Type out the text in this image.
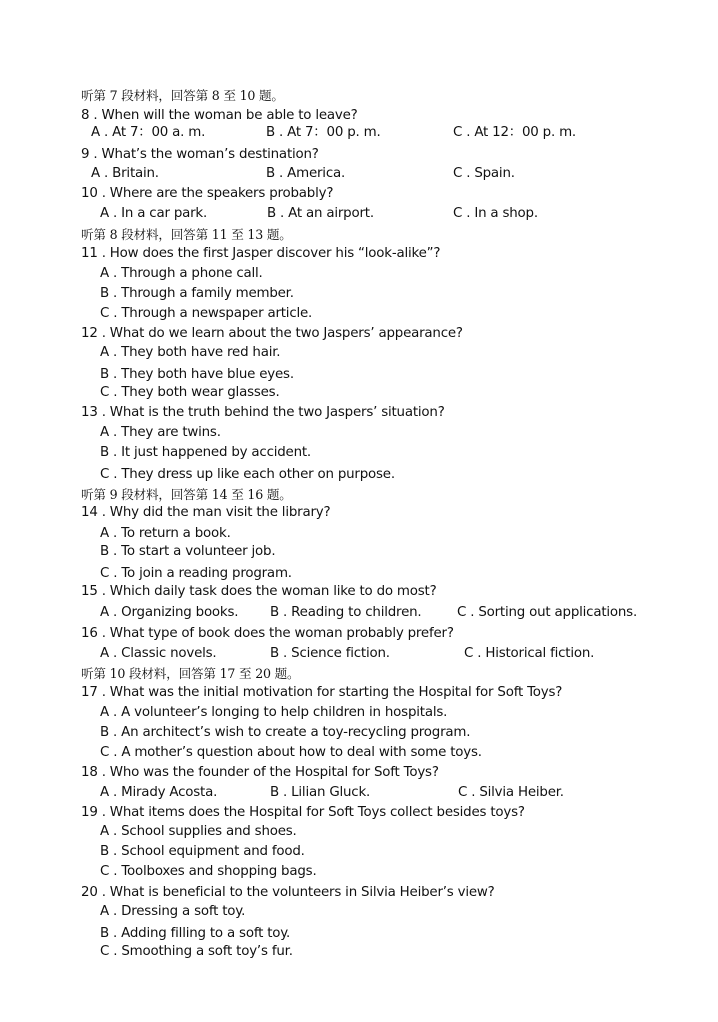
听第 7 段材料，回答第 8 至 10 题。
8 . When will the woman be able to leave?
A . At 7：00 a. m.	B . At 7：00 p. m.	C . At 12：00 p. m.
9 . What’s the woman’s destination?
A . Britain.	B . America.	C . Spain.
10 . Where are the speakers probably?
A . In a car park.	B . At an airport.	C . In a shop.
听第 8 段材料，回答第 11 至 13 题。
11 . How does the first Jasper discover his “look-alike”?
A . Through a phone call.
B . Through a family member.
C . Through a newspaper article.
12 . What do we learn about the two Jaspers’ appearance?
A . They both have red hair.
B . They both have blue eyes.
C . They both wear glasses.
13 . What is the truth behind the two Jaspers’ situation?
A . They are twins.
B . It just happened by accident.
C . They dress up like each other on purpose.
听第 9 段材料，回答第 14 至 16 题。
14 . Why did the man visit the library?
A . To return a book.
B . To start a volunteer job.
C . To join a reading program.
15 . Which daily task does the woman like to do most?
A . Organizing books. B . Reading to children.	C . Sorting out applications.
16 . What type of book does the woman probably prefer?
A . Classic novels.	B . Science fiction.	C . Historical fiction.
听第 10 段材料，回答第 17 至 20 题。
17 . What was the initial motivation for starting the Hospital for Soft Toys?
A . A volunteer’s longing to help children in hospitals.
B . An architect’s wish to create a toy-recycling program.
C . A mother’s question about how to deal with some toys.
18 . Who was the founder of the Hospital for Soft Toys?
A . Mirady Acosta.	B . Lilian Gluck.	C . Silvia Heiber.
19 . What items does the Hospital for Soft Toys collect besides toys?
A . School supplies and shoes.
B . School equipment and food.
C . Toolboxes and shopping bags.
20 . What is beneficial to the volunteers in Silvia Heiber’s view?
A . Dressing a soft toy.
B . Adding filling to a soft toy.
C . Smoothing a soft toy’s fur.
